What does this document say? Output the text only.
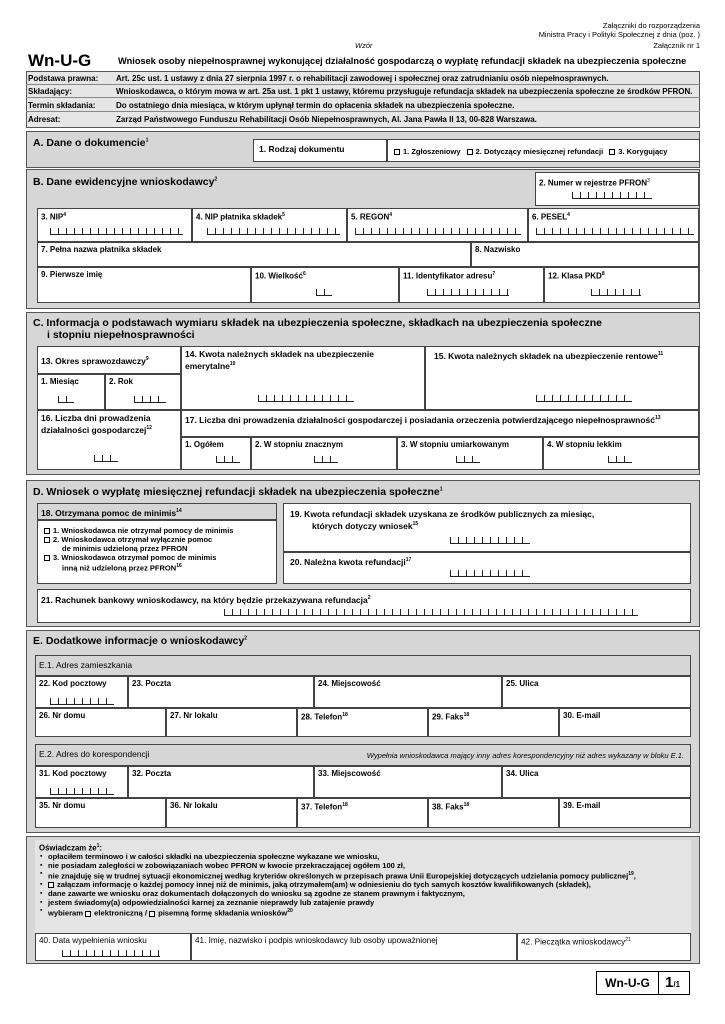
Załączniki do rozporządzenia
Ministra Pracy i Polityki Społecznej z dnia (poz. )
Wzór	Załącznik nr 1
Wn-U-G	Wniosek osoby niepełnosprawnej wykonującej działalność gospodarczą o wypłatę refundacji składek na ubezpieczenia społeczne
Podstawa prawna: Art. 25c ust. 1 ustawy z dnia 27 sierpnia 1997 r. o rehabilitacji zawodowej i społecznej oraz zatrudnianiu osób niepełnosprawnych.
Składający:	Wnioskodawca, o którym mowa w art. 25a ust. 1 pkt 1 ustawy, któremu przysługuje refundacja składek na ubezpieczenia społeczne ze środków PFRON.
Termin składania:	Do ostatniego dnia miesiąca, w którym upłynął termin do opłacenia składek na ubezpieczenia społeczne.
Adresat:	Zarząd Państwowego Funduszu Rehabilitacji Osób Niepełnosprawnych, Al. Jana Pawła II 13, 00-828 Warszawa.
A. Dane o dokumencie$^1$
1. Rodzaj dokumentu	1. Zgłoszeniowy 2. Dotyczący miesięcznej refundacji 3. Korygujący
B. Dane ewidencyjne wnioskodawcy$^2$	2. Numer w rejestrze PFRON$^3$
3. NIP$^4$	4. NIP płatnika składek$^5$	5. REGON$^4$	6. PESEL$^4$
7. Pełna nazwa płatnika składek	8. Nazwisko
9. Pierwsze imię	10. Wielkość$^6$	11. Identyfikator adresu$^7$	12. Klasa PKD$^8$
C. Informacja o podstawach wymiaru składek na ubezpieczenia społeczne, składkach na ubezpieczenia społeczne
i stopniu niepełnosprawności
13. Okres sprawozdawczy$^9$
1. Miesiąc	2. Rok
14. Kwota należnych składek na ubezpieczenie emerytalne$^{10}$
15. Kwota należnych składek na ubezpieczenie rentowe$^{11}$
16. Liczba dni prowadzenia działalności gospodarczej$^{12}$
17. Liczba dni prowadzenia działalności gospodarczej i posiadania orzeczenia potwierdzającego niepełnosprawność$^{13}$
1. Ogółem	2. W stopniu znacznym	3. W stopniu umiarkowanym	4. W stopniu lekkim
D. Wniosek o wypłatę miesięcznej refundacji składek na ubezpieczenia społeczne$^1$
18. Otrzymana pomoc de minimis$^{14}$
1. Wnioskodawca nie otrzymał pomocy de minimis
2. Wnioskodawca otrzymał wyłącznie pomoc
de minimis udzieloną przez PFRON
3. Wnioskodawca otrzymał pomoc de minimis
inną niż udzieloną przez PFRON$^{16}$
19. Kwota refundacji składek uzyskana ze środków publicznych za miesiąc,
których dotyczy wniosek$^{15}$
20. Należna kwota refundacji$^{17}$
21. Rachunek bankowy wnioskodawcy, na który będzie przekazywana refundacja$^2$
E. Dodatkowe informacje o wnioskodawcy$^2$
E.1. Adres zamieszkania
22. Kod pocztowy	23. Poczta	24. Miejscowość	25. Ulica
26. Nr domu	27. Nr lokalu	28. Telefon$^{18}$	29. Faks$^{18}$	30. E-mail
E.2. Adres do korespondencji	Wypełnia wnioskodawca mający inny adres korespondencyjny niż adres wykazany w bloku E.1.
31. Kod pocztowy	32. Poczta	33. Miejscowość	34. Ulica
35. Nr domu	36. Nr lokalu	37. Telefon$^{18}$	38. Faks$^{18}$	39. E-mail
Oświadczam $że^1$:
▪ opłaciłem terminowo i w całości składki na ubezpieczenia społeczne wykazane we wniosku,
▪ nie posiadam zaległości w zobowiązaniach wobec PFRON w kwocie przekraczającej ogółem 100 zł,
▪ nie znajduję się w trudnej sytuacji ekonomicznej według kryteriów określonych w przepisach prawa Unii Europejskiej dotyczących udzielania pomocy publicznej$^{19}$,
▪ załączam informację o każdej pomocy innej niż de minimis, jaką otrzymałem(am) w odniesieniu do tych samych kosztów kwalifikowanych (składek),
▪ dane zawarte we wniosku oraz dokumentach dołączonych do wniosku są zgodne ze stanem prawnym i faktycznym,
▪ jestem świadomy(a) odpowiedzialności karnej za zeznanie nieprawdy lub zatajenie prawdy
▪ wybieram elektroniczną / pisemną formę składania wniosków$^{20}$
40. Data wypełnienia wniosku	41. Imię, nazwisko i podpis wnioskodawcy lub osoby upoważnionej	42. Pieczątka wnioskodawcy$^{21}$
Wn-U-G	1/1
